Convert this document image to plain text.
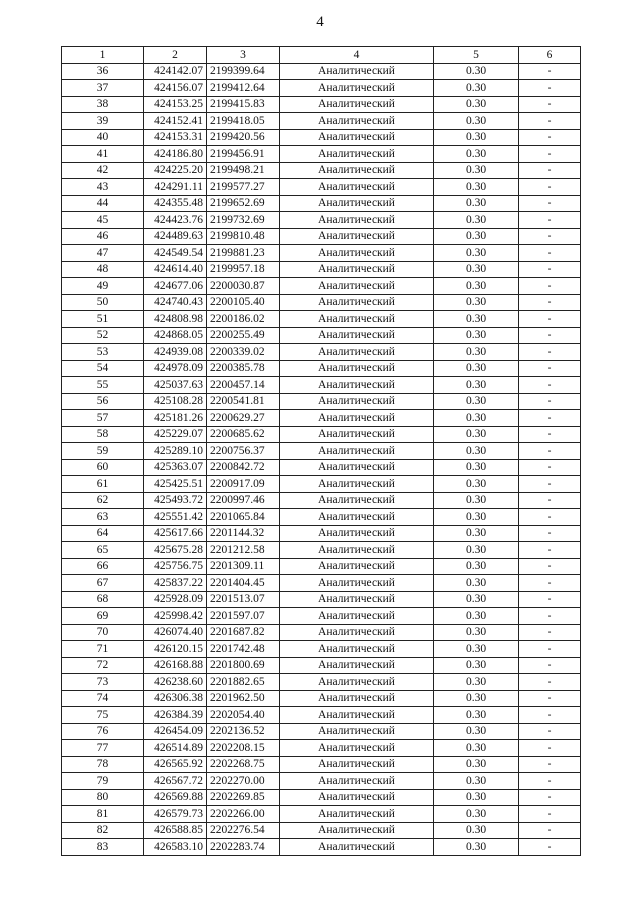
4
1	2	3	4	5	6
36	424142.07	2199399.64	Аналитический	0.30	-
37	424156.07	2199412.64	Аналитический	0.30	-
38	424153.25	2199415.83	Аналитический	0.30	-
39	424152.41	2199418.05	Аналитический	0.30	-
40	424153.31	2199420.56	Аналитический	0.30	-
41	424186.80	2199456.91	Аналитический	0.30	-
42	424225.20	2199498.21	Аналитический	0.30	-
43	424291.11	2199577.27	Аналитический	0.30	-
44	424355.48	2199652.69	Аналитический	0.30	-
45	424423.76	2199732.69	Аналитический	0.30	-
46	424489.63	2199810.48	Аналитический	0.30	-
47	424549.54	2199881.23	Аналитический	0.30	-
48	424614.40	2199957.18	Аналитический	0.30	-
49	424677.06	2200030.87	Аналитический	0.30	-
50	424740.43	2200105.40	Аналитический	0.30	-
51	424808.98	2200186.02	Аналитический	0.30	-
52	424868.05	2200255.49	Аналитический	0.30	-
53	424939.08	2200339.02	Аналитический	0.30	-
54	424978.09	2200385.78	Аналитический	0.30	-
55	425037.63	2200457.14	Аналитический	0.30	-
56	425108.28	2200541.81	Аналитический	0.30	-
57	425181.26	2200629.27	Аналитический	0.30	-
58	425229.07	2200685.62	Аналитический	0.30	-
59	425289.10	2200756.37	Аналитический	0.30	-
60	425363.07	2200842.72	Аналитический	0.30	-
61	425425.51	2200917.09	Аналитический	0.30	-
62	425493.72	2200997.46	Аналитический	0.30	-
63	425551.42	2201065.84	Аналитический	0.30	-
64	425617.66	2201144.32	Аналитический	0.30	-
65	425675.28	2201212.58	Аналитический	0.30	-
66	425756.75	2201309.11	Аналитический	0.30	-
67	425837.22	2201404.45	Аналитический	0.30	-
68	425928.09	2201513.07	Аналитический	0.30	-
69	425998.42	2201597.07	Аналитический	0.30	-
70	426074.40	2201687.82	Аналитический	0.30	-
71	426120.15	2201742.48	Аналитический	0.30	-
72	426168.88	2201800.69	Аналитический	0.30	-
73	426238.60	2201882.65	Аналитический	0.30	-
74	426306.38	2201962.50	Аналитический	0.30	-
75	426384.39	2202054.40	Аналитический	0.30	-
76	426454.09	2202136.52	Аналитический	0.30	-
77	426514.89	2202208.15	Аналитический	0.30	-
78	426565.92	2202268.75	Аналитический	0.30	-
79	426567.72	2202270.00	Аналитический	0.30	-
80	426569.88	2202269.85	Аналитический	0.30	-
81	426579.73	2202266.00	Аналитический	0.30	-
82	426588.85	2202276.54	Аналитический	0.30	-
83	426583.10	2202283.74	Аналитический	0.30	-
